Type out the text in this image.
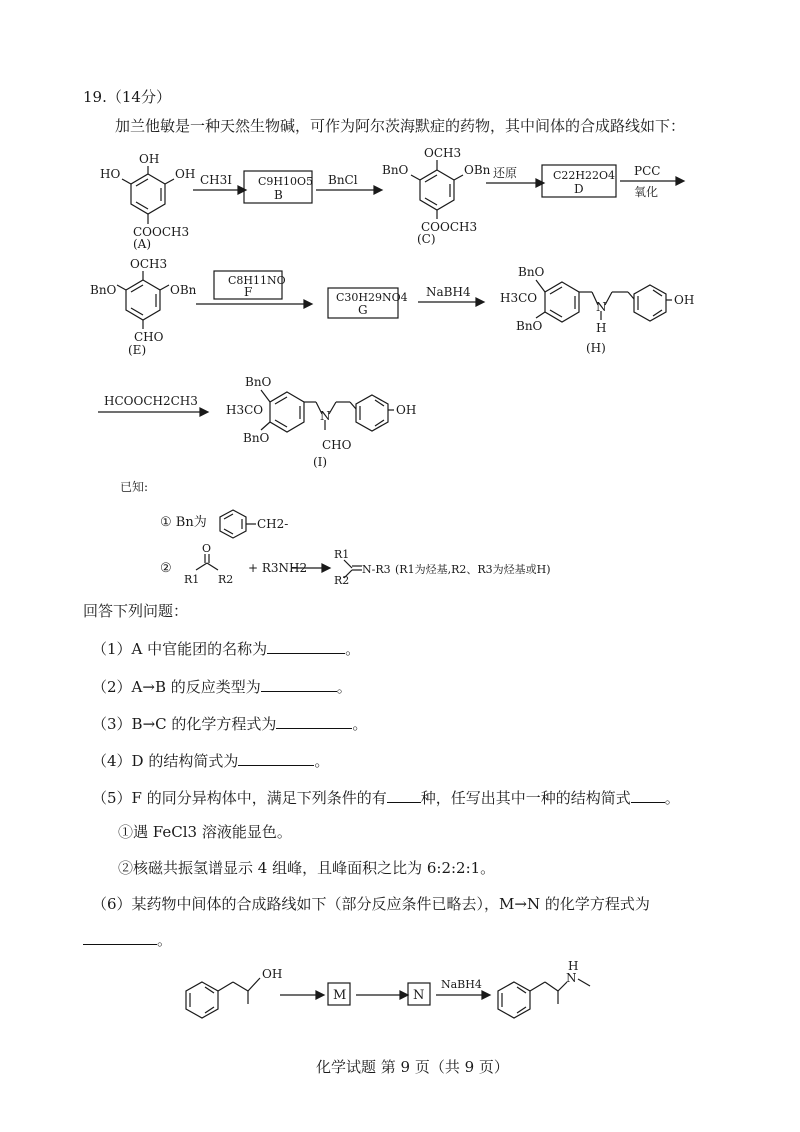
19.（14分）
加兰他敏是一种天然生物碱，可作为阿尔茨海默症的药物，其中间体的合成路线如下：
已知:
回答下列问题：
（1）A 中官能团的名称为	。
（2）A→B 的反应类型为	。
（3）B→C 的化学方程式为	。
（4）D 的结构简式为	。
（5）F 的同分异构体中，满足下列条件的有 种，任写出其中一种的结构简式 。
①遇 FeCl3 溶液能显色。
②核磁共振氢谱显示 4 组峰，且峰面积之比为 6:2:2:1。
（6）某药物中间体的合成路线如下（部分反应条件已略去），M→N 的化学方程式为
。
化学试题 第 9 页（共 9 页）
OH
HO	OH
COOCH3
(A)
CH3I C9H10O5
B
BnCl
OCH3
BnO	OBn
COOCH3
(C)
还原	C22H22O4
D
PCC
氧化
OCH3
BnO	OBn
CHO
(E)
C8H11NO
F	C30H29NO4
G
NaBH4
BnO
H3CO
BnO
N
H
OH
(H)
HCOOCH2CH3
BnO
H3CO
BnO
N
CHO
OH
(I)
① Bn为	CH2-
②
O
R1 R2
+ R3NH2
R1
R2
N-R3 (R1为烃基,R2、R3为烃基或H)
OH
M	N
NaBH4	N
H
